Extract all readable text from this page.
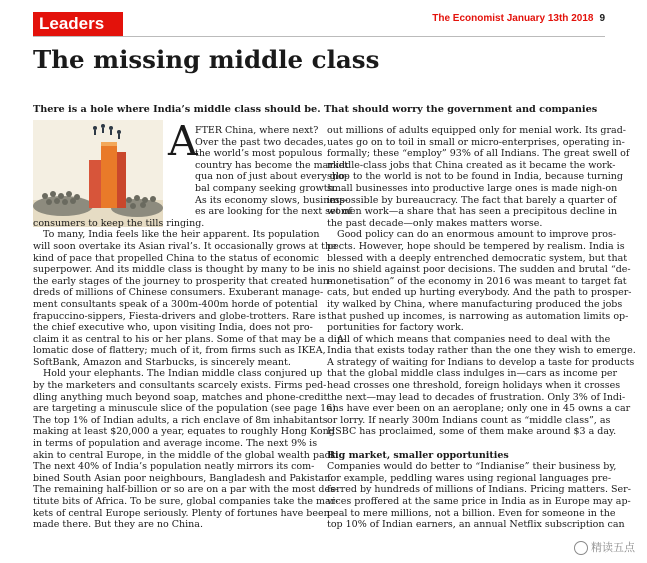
Leaders	The Economist January 13th 2018 9
The missing middle class

There is a hole where India’s middle class should be. That should worry the government and companies

A
FTER China, where next?
Over the past two decades,
the world’s most populous
country has become the market
qua non of just about every glo-
bal company seeking growth.
As its economy slows, business-
es are looking for the next set of
consumers to keep the tills ringing.
To many, India feels like the heir apparent. Its population
will soon overtake its Asian rival’s. It occasionally grows at the
kind of pace that propelled China to the status of economic
superpower. And its middle class is thought by many to be in
the early stages of the journey to prosperity that created hun-
dreds of millions of Chinese consumers. Exuberant manage-
ment consultants speak of a 300m-400m horde of potential
frapuccino-sippers, Fiesta-drivers and globe-trotters. Rare is
the chief executive who, upon visiting India, does not pro-
claim it as central to his or her plans. Some of that may be a dip-
lomatic dose of flattery; much of it, from firms such as IKEA,
SoftBank, Amazon and Starbucks, is sincerely meant.
Hold your elephants. The Indian middle class conjured up
by the marketers and consultants scarcely exists. Firms ped-
dling anything much beyond soap, matches and phone-credit
are targeting a minuscule slice of the population (see page 16).
The top 1% of Indian adults, a rich enclave of 8m inhabitants
making at least $20,000 a year, equates to roughly Hong Kong
in terms of population and average income. The next 9% is
akin to central Europe, in the middle of the global wealth pack.
The next 40% of India’s population neatly mirrors its com-
bined South Asian poor neighbours, Bangladesh and Pakistan.
The remaining half-billion or so are on a par with the most des-
titute bits of Africa. To be sure, global companies take the mar-
kets of central Europe seriously. Plenty of fortunes have been
made there. But they are no China.
out millions of adults equipped only for menial work. Its grad-
uates go on to toil in small or micro-enterprises, operating in-
formally; these “employ” 93% of all Indians. The great swell of
middle-class jobs that China created as it became the work-
shop to the world is not to be found in India, because turning
small businesses into productive large ones is made nigh-on
impossible by bureaucracy. The fact that barely a quarter of
women work—a share that has seen a precipitous decline in
the past decade—only makes matters worse.
Good policy can do an enormous amount to improve pros-
pects. However, hope should be tempered by realism. India is
blessed with a deeply entrenched democratic system, but that
is no shield against poor decisions. The sudden and brutal “de-
monetisation” of the economy in 2016 was meant to target fat
cats, but ended up hurting everybody. And the path to prosper-
ity walked by China, where manufacturing produced the jobs
that pushed up incomes, is narrowing as automation limits op-
portunities for factory work.
All of which means that companies need to deal with the
India that exists today rather than the one they wish to emerge.
A strategy of waiting for Indians to develop a taste for products
that the global middle class indulges in—cars as income per
head crosses one threshold, foreign holidays when it crosses
the next—may lead to decades of frustration. Only 3% of Indi-
ans have ever been on an aeroplane; only one in 45 owns a car
or lorry. If nearly 300m Indians count as “middle class”, as
HSBC has proclaimed, some of them make around $3 a day.
Big market, smaller opportunities
Companies would do better to “Indianise” their business by,
for example, peddling wares using regional languages pre-
ferred by hundreds of millions of Indians. Pricing matters. Ser-
vices proffered at the same price in India as in Europe may ap-
peal to mere millions, not a billion. Even for someone in the
top 10% of Indian earners, an annual Netflix subscription can
精读五点
